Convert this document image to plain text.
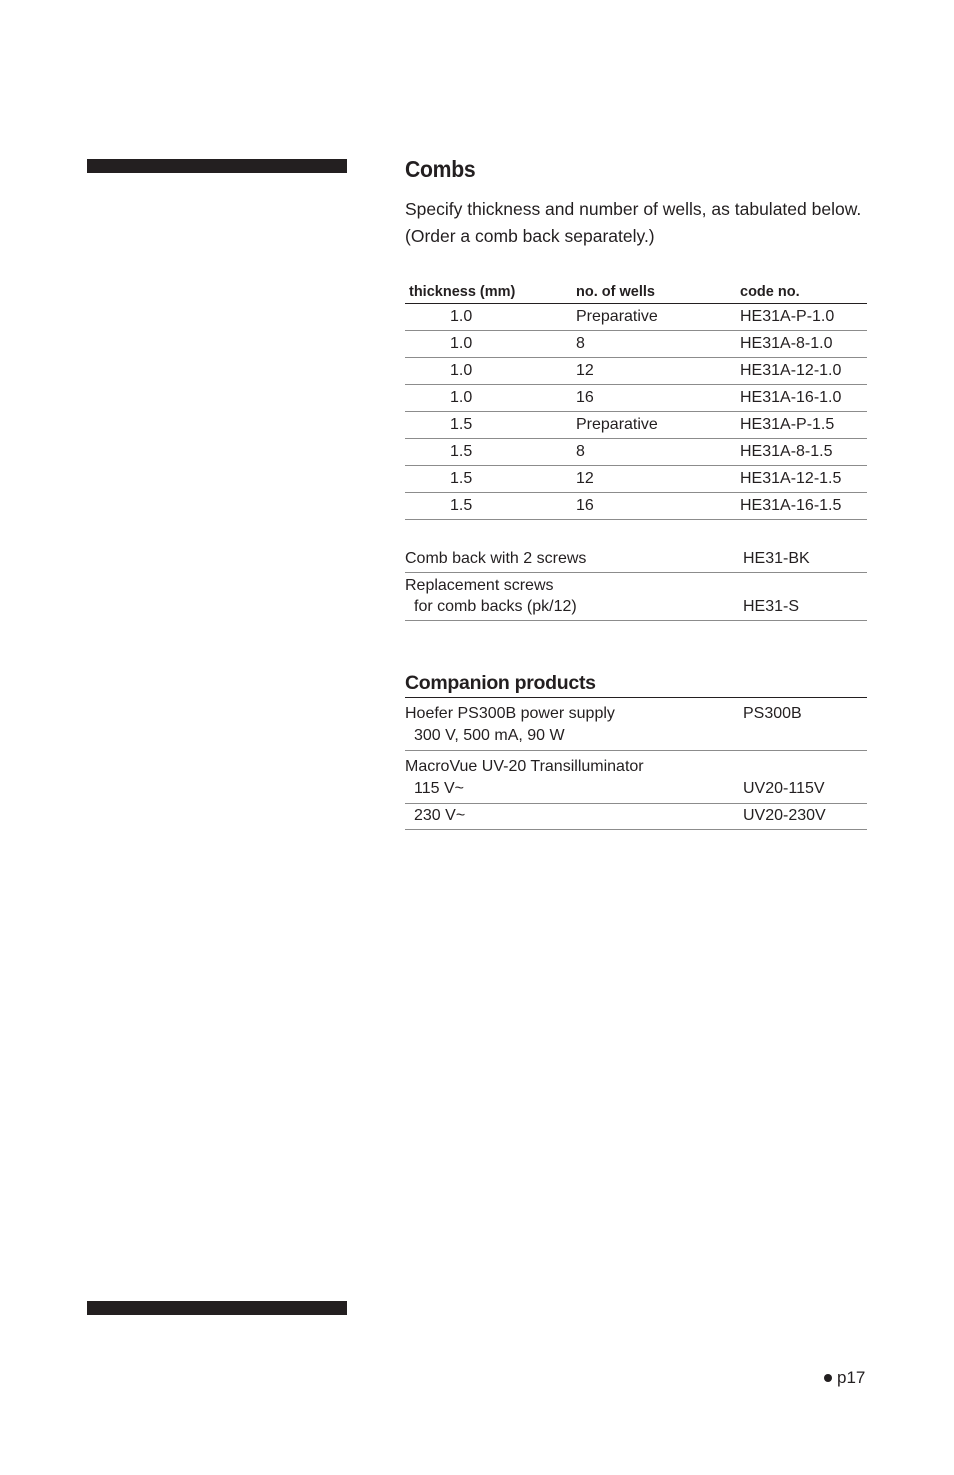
Combs

Specify thickness and number of wells, as tabulated below. (Order a comb back separately.)

thickness (mm)	no. of wells	code no.
1.0	Preparative	HE31A-P-1.0
1.0	8	HE31A-8-1.0
1.0	12	HE31A-12-1.0
1.0	16	HE31A-16-1.0
1.5	Preparative	HE31A-P-1.5
1.5	8	HE31A-8-1.5
1.5	12	HE31A-12-1.5
1.5	16	HE31A-16-1.5
Comb back with 2 screws	HE31-BK

Replacement screws
for comb backs (pk/12)	HE31-S
Companion products
Hoefer PS300B power supply
300 V, 500 mA, 90 W	PS300B

MacroVue UV-20 Transilluminator
115 V~	UV20-115V

230 V~	UV20-230V
p17
